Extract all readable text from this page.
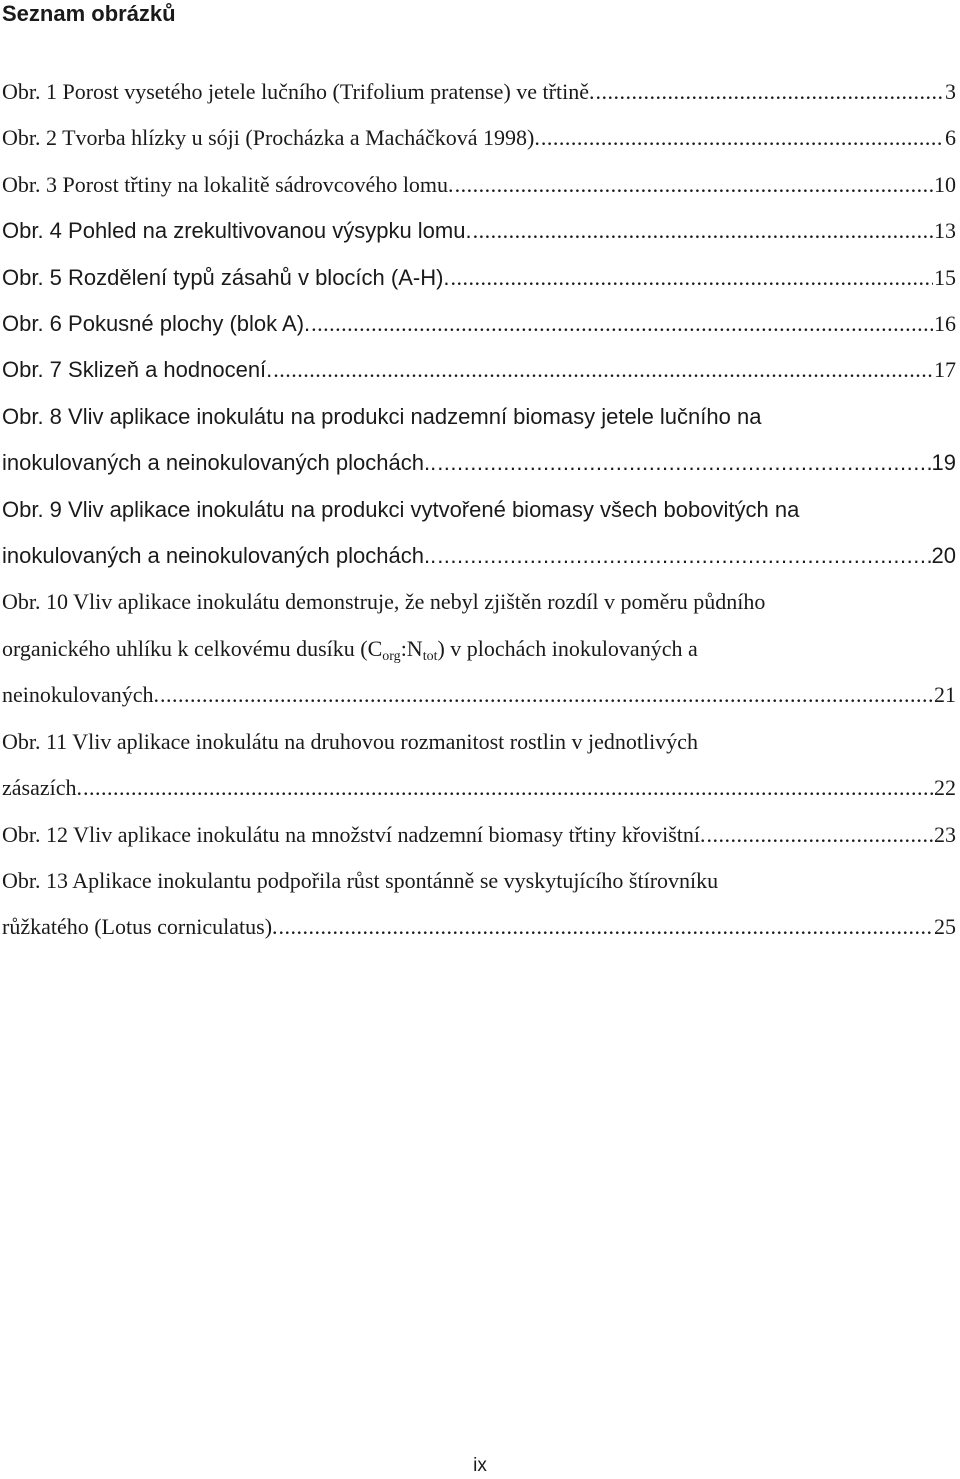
Seznam obrázků
Obr. 1 Porost vysetého jetele lučního (Trifolium pratense) ve třtině. .....	3
Obr. 2 Tvorba hlízky u sóji (Procházka a Macháčková 1998). .....	6
Obr. 3 Porost třtiny na lokalitě sádrovcového lomu. .....	10
Obr. 4 Pohled na zrekultivovanou výsypku lomu. .....	13
Obr. 5 Rozdělení typů zásahů v blocích (A-H). .....	15
Obr. 6 Pokusné plochy (blok A). .....	16
Obr. 7 Sklizeň a hodnocení. .....	17
Obr. 8 Vliv aplikace inokulátu na produkci nadzemní biomasy jetele lučního na
inokulovaných a neinokulovaných plochách.. .....	19
Obr. 9 Vliv aplikace inokulátu na produkci vytvořené biomasy všech bobovitých na
inokulovaných a neinokulovaných plochách.. .....	20
Obr. 10 Vliv aplikace inokulátu demonstruje, že nebyl zjištěn rozdíl v poměru půdního
organického uhlíku k celkovému dusíku $(C_{org}:N_{tot})$ v plochách inokulovaných a
neinokulovaných. .....	21
Obr. 11 Vliv aplikace inokulátu na druhovou rozmanitost rostlin v jednotlivých
zásazích. .....	22
Obr. 12 Vliv aplikace inokulátu na množství nadzemní biomasy třtiny křovištní. .....	23
Obr. 13 Aplikace inokulantu podpořila růst spontánně se vyskytujícího štírovníku
růžkatého (Lotus corniculatus). .....	25
ix
